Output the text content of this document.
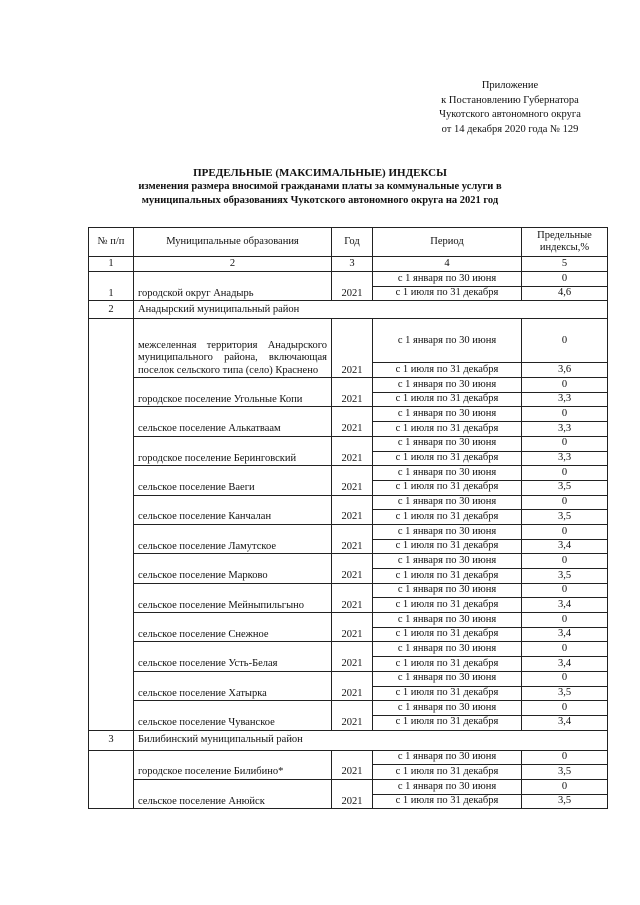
Приложение
к Постановлению Губернатора
Чукотского автономного округа
от 14 декабря 2020 года № 129
ПРЕДЕЛЬНЫЕ (МАКСИМАЛЬНЫЕ) ИНДЕКСЫ
изменения размера вносимой гражданами платы за коммунальные услуги в
муниципальных образованиях Чукотского автономного округа на 2021 год
№ п/п	Муниципальные образования	Год	Период	Предельные индексы,%
1	2	3	4	5
1	городской округ Анадырь	2021	с 1 января по 30 июня	0
			с 1 июля по 31 декабря	4,6
2	Анадырский муниципальный район			
	межселенная территория Анадырского муниципального района, включающая поселок сельского типа (село) Краснено	2021	с 1 января по 30 июня	0
			с 1 июля по 31 декабря	3,6
	городское поселение Угольные Копи	2021	с 1 января по 30 июня	0
			с 1 июля по 31 декабря	3,3
	сельское поселение Алькатваам	2021	с 1 января по 30 июня	0
			с 1 июля по 31 декабря	3,3
	городское поселение Беринговский	2021	с 1 января по 30 июня	0
			с 1 июля по 31 декабря	3,3
	сельское поселение Ваеги	2021	с 1 января по 30 июня	0
			с 1 июля по 31 декабря	3,5
	сельское поселение Канчалан	2021	с 1 января по 30 июня	0
			с 1 июля по 31 декабря	3,5
	сельское поселение Ламутское	2021	с 1 января по 30 июня	0
			с 1 июля по 31 декабря	3,4
	сельское поселение Марково	2021	с 1 января по 30 июня	0
			с 1 июля по 31 декабря	3,5
	сельское поселение Мейныпильгыно	2021	с 1 января по 30 июня	0
			с 1 июля по 31 декабря	3,4
	сельское поселение Снежное	2021	с 1 января по 30 июня	0
			с 1 июля по 31 декабря	3,4
	сельское поселение Усть-Белая	2021	с 1 января по 30 июня	0
			с 1 июля по 31 декабря	3,4
	сельское поселение Хатырка	2021	с 1 января по 30 июня	0
			с 1 июля по 31 декабря	3,5
	сельское поселение Чуванское	2021	с 1 января по 30 июня	0
			с 1 июля по 31 декабря	3,4
3	Билибинский муниципальный район			
	городское поселение Билибино*	2021	с 1 января по 30 июня	0
			с 1 июля по 31 декабря	3,5
	сельское поселение Анюйск	2021	с 1 января по 30 июня	0
			с 1 июля по 31 декабря	3,5
